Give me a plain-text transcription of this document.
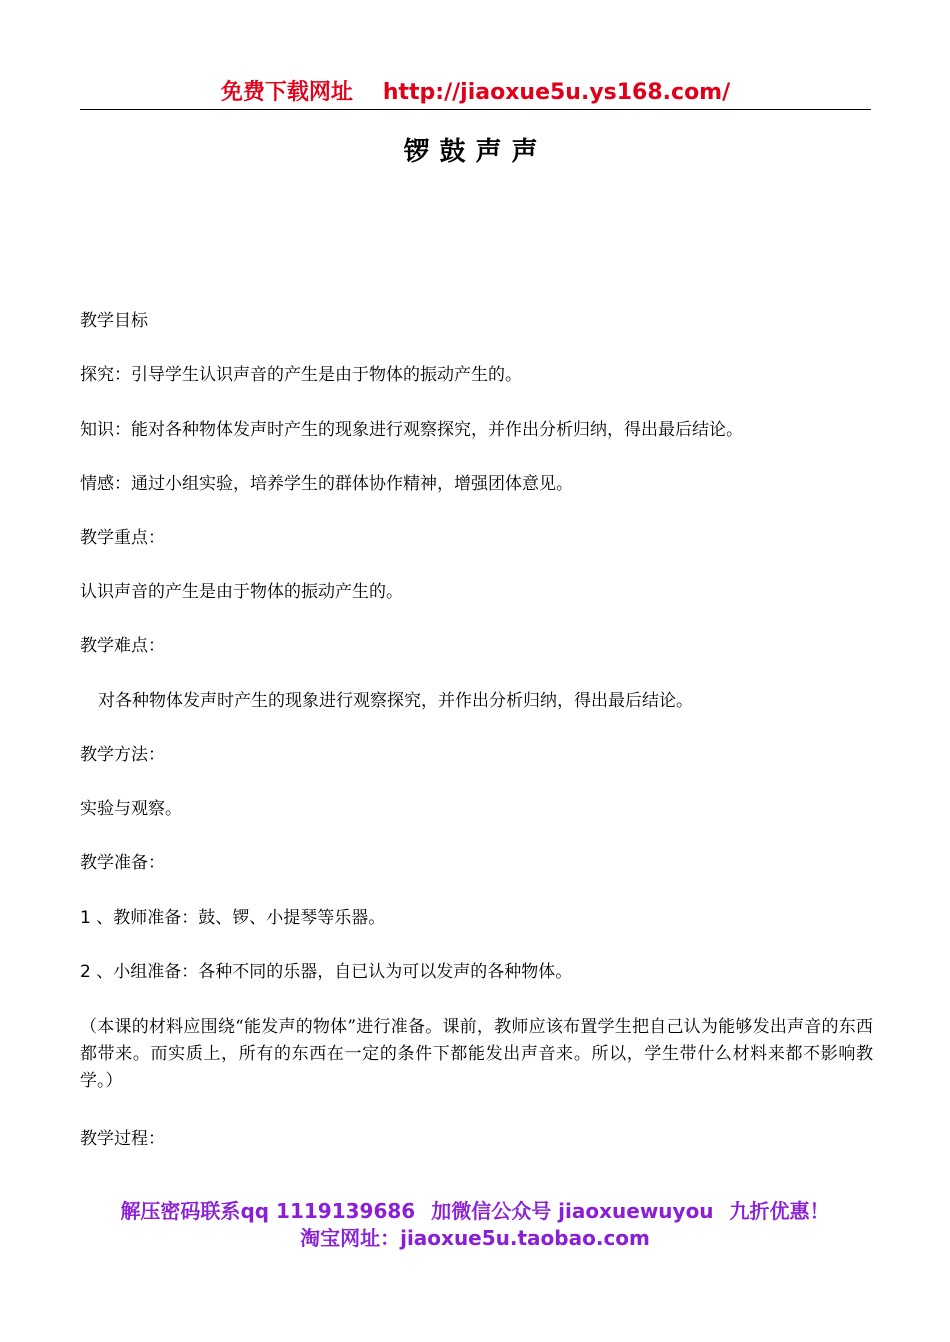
免费下载网址 http://jiaoxue5u.ys168.com/
锣鼓声声
教学目标
探究：引导学生认识声音的产生是由于物体的振动产生的。
知识：能对各种物体发声时产生的现象进行观察探究，并作出分析归纳，得出最后结论。
情感：通过小组实验，培养学生的群体协作精神，增强团体意见。
教学重点：
认识声音的产生是由于物体的振动产生的。
教学难点：
对各种物体发声时产生的现象进行观察探究，并作出分析归纳，得出最后结论。
教学方法：
实验与观察。
教学准备：
1 、教师准备：鼓、锣、小提琴等乐器。
2 、小组准备：各种不同的乐器，自已认为可以发声的各种物体。
（本课的材料应围绕“能发声的物体”进行准备。课前，教师应该布置学生把自己认为能够发出声音的东西都带来。而实质上，所有的东西在一定的条件下都能发出声音来。所以，学生带什么材料来都不影响教学。）
教学过程：
解压密码联系qq 1119139686 加微信公众号 jiaoxuewuyou 九折优惠！
淘宝网址：jiaoxue5u.taobao.com
